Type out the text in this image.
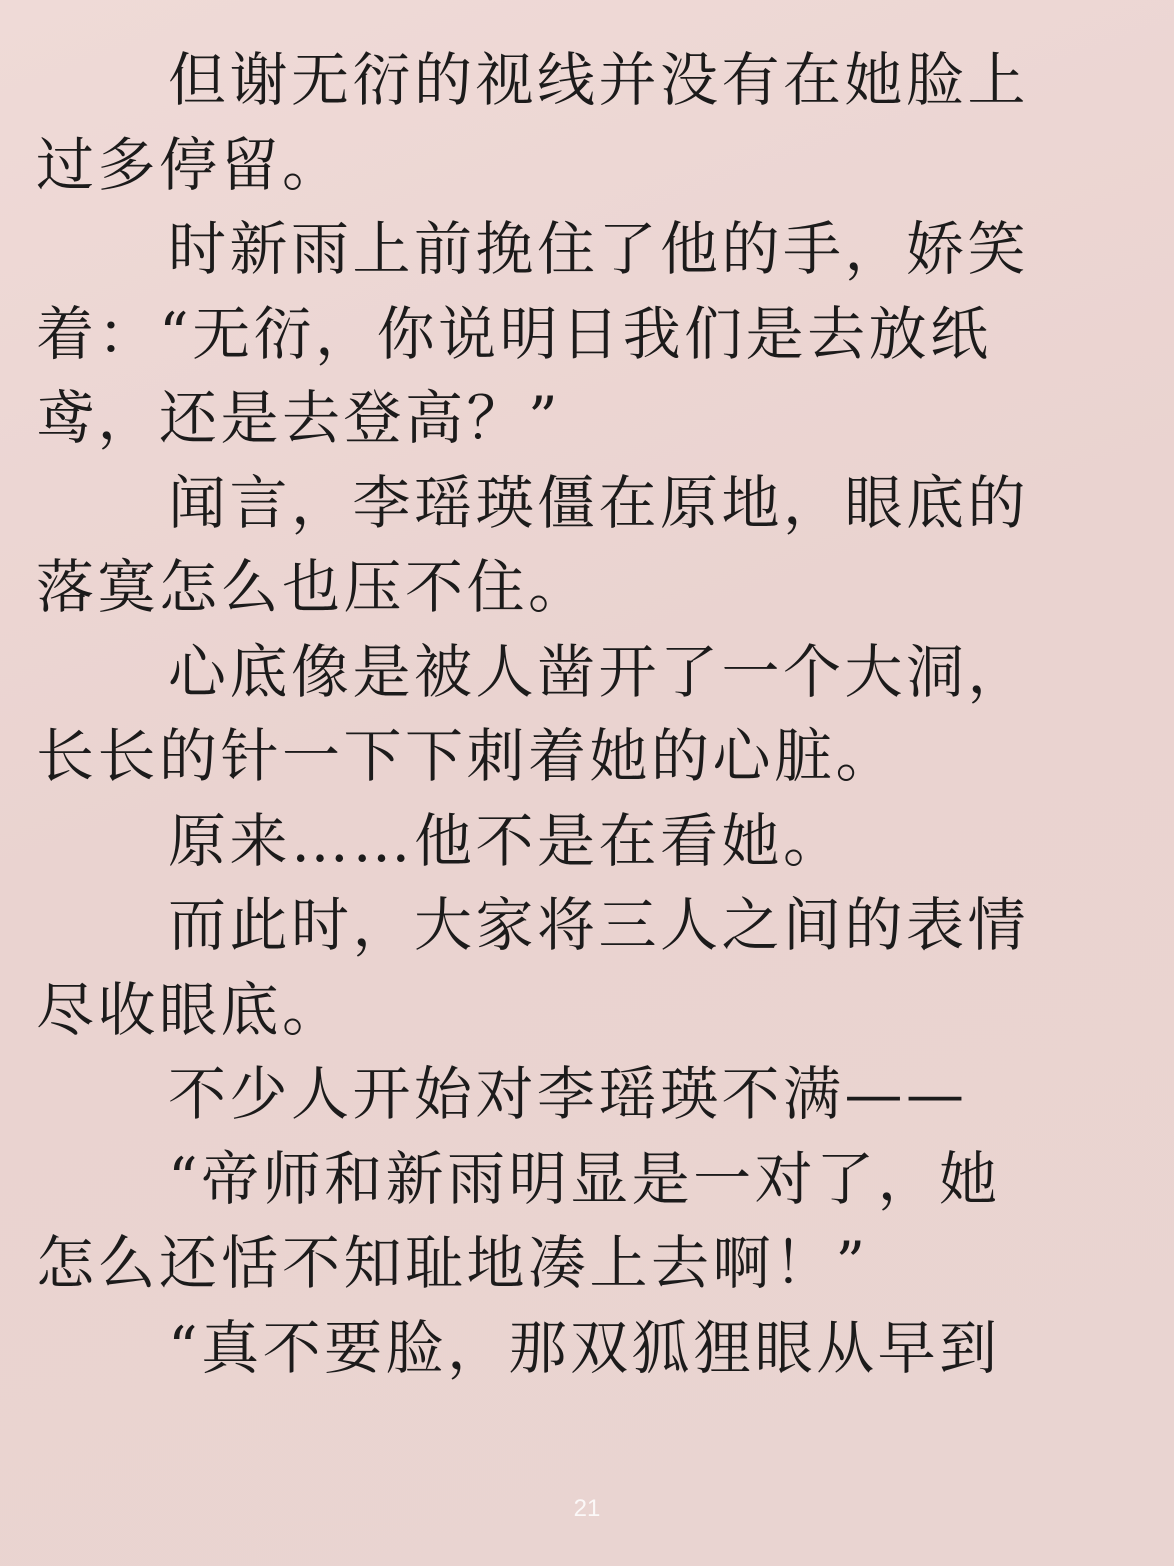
但谢无衍的视线并没有在她脸上
过多停留。
时新雨上前挽住了他的手，娇笑
着：“无衍，你说明日我们是去放纸
鸢，还是去登高？”
闻言，李瑶瑛僵在原地，眼底的
落寞怎么也压不住。
心底像是被人凿开了一个大洞，
长长的针一下下刺着她的心脏。
原来……他不是在看她。
而此时，大家将三人之间的表情
尽收眼底。
不少人开始对李瑶瑛不满——
“帝师和新雨明显是一对了，她
怎么还恬不知耻地凑上去啊！”
“真不要脸，那双狐狸眼从早到
21
